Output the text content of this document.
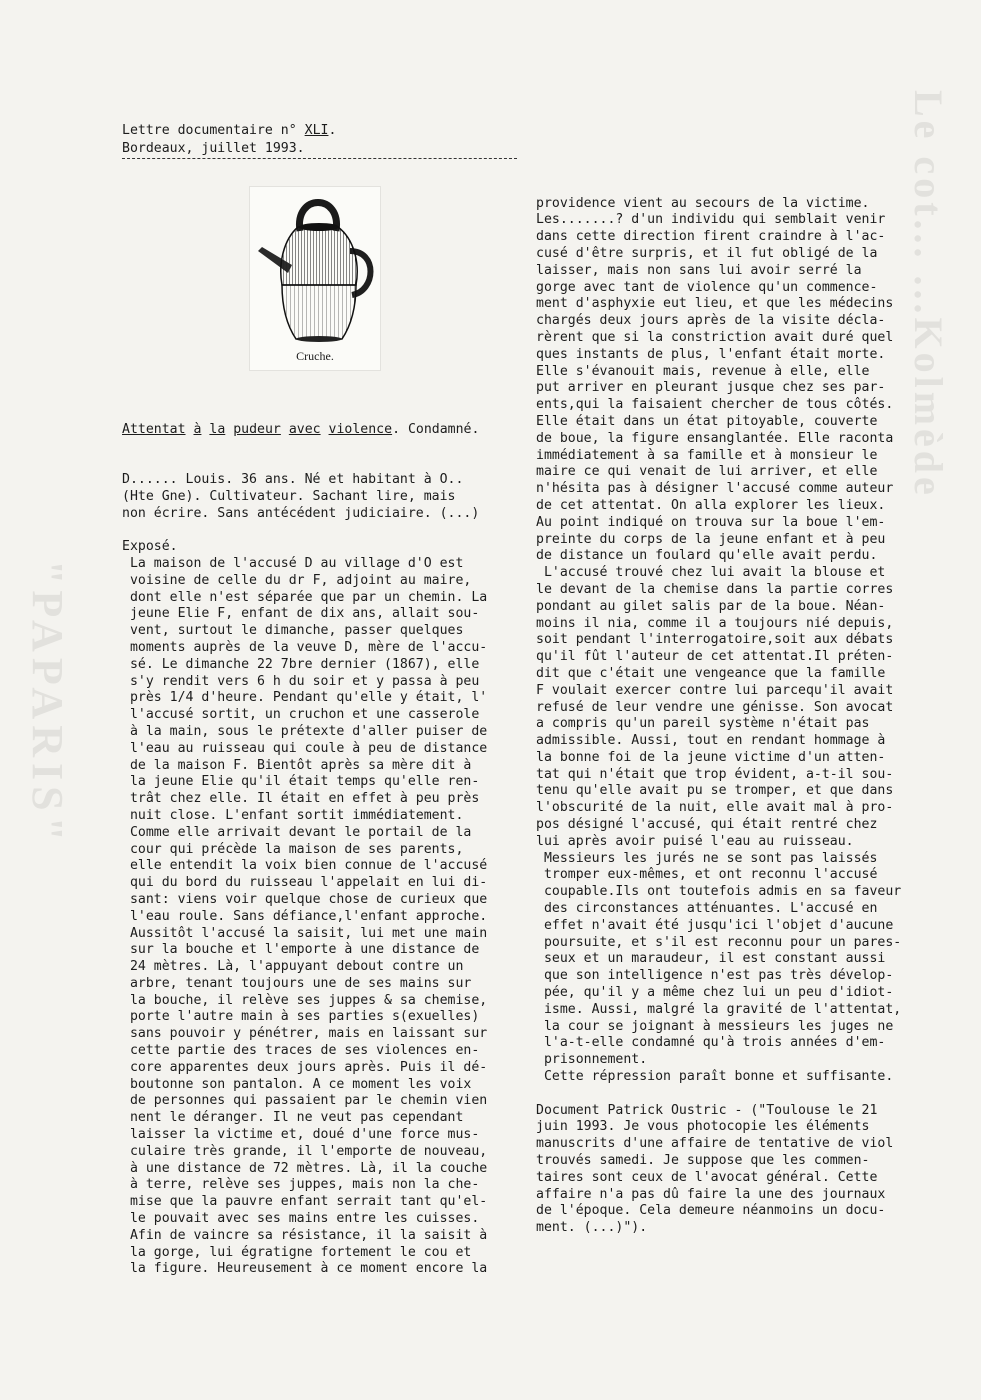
"PAPARIS"
Le cot... ...Kolmède
Lettre documentaire n° XLI.
Bordeaux, juillet 1993.
Cruche.

Attentat à la pudeur avec violence. Condamné.

D...... Louis. 36 ans. Né et habitant à O..
(Hte Gne). Cultivateur. Sachant lire, mais
non écrire. Sans antécédent judiciaire. (...)
Exposé.
La maison de l'accusé D au village d'O est
voisine de celle du dr F, adjoint au maire,
dont elle n'est séparée que par un chemin. La
jeune Elie F, enfant de dix ans, allait sou-
vent, surtout le dimanche, passer quelques
moments auprès de la veuve D, mère de l'accu-
sé. Le dimanche 22 7bre dernier (1867), elle
s'y rendit vers 6 h du soir et y passa à peu
près 1/4 d'heure. Pendant qu'elle y était, l'
l'accusé sortit, un cruchon et une casserole
à la main, sous le prétexte d'aller puiser de
l'eau au ruisseau qui coule à peu de distance
de la maison F. Bientôt après sa mère dit à
la jeune Elie qu'il était temps qu'elle ren-
trât chez elle. Il était en effet à peu près
nuit close. L'enfant sortit immédiatement.
Comme elle arrivait devant le portail de la
cour qui précède la maison de ses parents,
elle entendit la voix bien connue de l'accusé
qui du bord du ruisseau l'appelait en lui di-
sant: viens voir quelque chose de curieux que
l'eau roule. Sans défiance,l'enfant approche.
Aussitôt l'accusé la saisit, lui met une main
sur la bouche et l'emporte à une distance de
24 mètres. Là, l'appuyant debout contre un
arbre, tenant toujours une de ses mains sur
la bouche, il relève ses juppes & sa chemise,
porte l'autre main à ses parties s(exuelles)
sans pouvoir y pénétrer, mais en laissant sur
cette partie des traces de ses violences en-
core apparentes deux jours après. Puis il dé-
boutonne son pantalon. A ce moment les voix
de personnes qui passaient par le chemin vien
nent le déranger. Il ne veut pas cependant
laisser la victime et, doué d'une force mus-
culaire très grande, il l'emporte de nouveau,
à une distance de 72 mètres. Là, il la couche
à terre, relève ses juppes, mais non la che-
mise que la pauvre enfant serrait tant qu'el-
le pouvait avec ses mains entre les cuisses.
Afin de vaincre sa résistance, il la saisit à
la gorge, lui égratigne fortement le cou et
la figure. Heureusement à ce moment encore la

providence vient au secours de la victime.
Les.......? d'un individu qui semblait venir
dans cette direction firent craindre à l'ac-
cusé d'être surpris, et il fut obligé de la
laisser, mais non sans lui avoir serré la
gorge avec tant de violence qu'un commence-
ment d'asphyxie eut lieu, et que les médecins
chargés deux jours après de la visite décla-
rèrent que si la constriction avait duré quel
ques instants de plus, l'enfant était morte.
Elle s'évanouit mais, revenue à elle, elle
put arriver en pleurant jusque chez ses par-
ents,qui la faisaient chercher de tous côtés.
Elle était dans un état pitoyable, couverte
de boue, la figure ensanglantée. Elle raconta
immédiatement à sa famille et à monsieur le
maire ce qui venait de lui arriver, et elle
n'hésita pas à désigner l'accusé comme auteur
de cet attentat. On alla explorer les lieux.
Au point indiqué on trouva sur la boue l'em-
preinte du corps de la jeune enfant et à peu
de distance un foulard qu'elle avait perdu.
L'accusé trouvé chez lui avait la blouse et
le devant de la chemise dans la partie corres
pondant au gilet salis par de la boue. Néan-
moins il nia, comme il a toujours nié depuis,
soit pendant l'interrogatoire,soit aux débats
qu'il fût l'auteur de cet attentat.Il préten-
dit que c'était une vengeance que la famille
F voulait exercer contre lui parcequ'il avait
refusé de leur vendre une génisse. Son avocat
a compris qu'un pareil système n'était pas
admissible. Aussi, tout en rendant hommage à
la bonne foi de la jeune victime d'un atten-
tat qui n'était que trop évident, a-t-il sou-
tenu qu'elle avait pu se tromper, et que dans
l'obscurité de la nuit, elle avait mal à pro-
pos désigné l'accusé, qui était rentré chez
lui après avoir puisé l'eau au ruisseau.
Messieurs les jurés ne se sont pas laissés
tromper eux-mêmes, et ont reconnu l'accusé
coupable.Ils ont toutefois admis en sa faveur
des circonstances atténuantes. L'accusé en
effet n'avait été jusqu'ici l'objet d'aucune
poursuite, et s'il est reconnu pour un pares-
seux et un maraudeur, il est constant aussi
que son intelligence n'est pas très dévelop-
pée, qu'il y a même chez lui un peu d'idiot-
isme. Aussi, malgré la gravité de l'attentat,
la cour se joignant à messieurs les juges ne
l'a-t-elle condamné qu'à trois années d'em-
prisonnement.
Cette répression paraît bonne et suffisante.
Document Patrick Oustric - ("Toulouse le 21
juin 1993. Je vous photocopie les éléments
manuscrits d'une affaire de tentative de viol
trouvés samedi. Je suppose que les commen-
taires sont ceux de l'avocat général. Cette
affaire n'a pas dû faire la une des journaux
de l'époque. Cela demeure néanmoins un docu-
ment. (...)").
